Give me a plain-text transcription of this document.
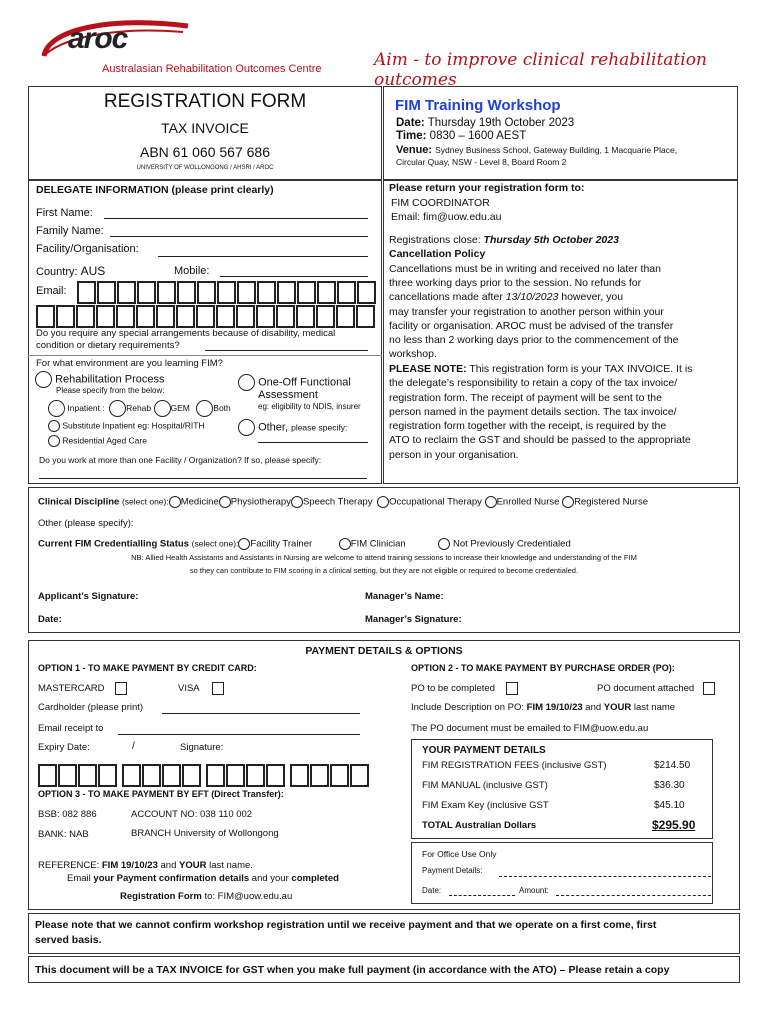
aroc
Australasian Rehabilitation Outcomes Centre	Aim - to improve clinical rehabilitation outcomes
REGISTRATION FORM
TAX INVOICE
ABN 61 060 567 686
UNIVERSITY OF WOLLONGONG / AHSRI / AROC
FIM Training Workshop
Date: Thursday 19th October 2023
Time: 0830 – 1600 AEST
Venue: Sydney Business School, Gateway Building, 1 Macquarie Place,
Circular Quay, NSW - Level 8, Board Room 2
DELEGATE INFORMATION (please print clearly)
First Name:
Family Name:
Facility/Organisation:
Country: AUS	Mobile:
Email:
Do you require any special arrangements because of disability, medical
condition or dietary requirements?
For what environment are you learning FIM?
Rehabilitation Process
Please specify from the below:
Inpatient :	Rehab GEM	Both
Substitute Inpatient eg: Hospital/RITH
Residential Aged Care
One-Off Functional
Assessment
eg: eligibility to NDIS, insurer
Other, please specify:
Do you work at more than one Facility / Organization? If so, please specify:
Please return your registration form to:
FIM COORDINATOR
Email: fim@uow.edu.au
Registrations close: Thursday 5th October 2023
Cancellation Policy
Cancellations must be in writing and received no later than
three working days prior to the session. No refunds for
cancellations made after 13/10/2023 however, you
may transfer your registration to another person within your
facility or organisation. AROC must be advised of the transfer
no less than 2 working days prior to the commencement of the
workshop.
PLEASE NOTE: This registration form is your TAX INVOICE. It is
the delegate’s responsibility to retain a copy of the tax invoice/
registration form. The receipt of payment will be sent to the
person named in the payment details section. The tax invoice/
registration form together with the receipt, is required by the
ATO to reclaim the GST and should be passed to the appropriate
person in your organisation.
Clinical Discipline (select one): Medicine Physiotherapy Speech Therapy Occupational Therapy Enrolled Nurse Registered Nurse
Other (please specify):
Current FIM Credentialling Status (select one): Facility Trainer	FIM Clinician	Not Previously Credentialed
NB: Allied Health Assistants and Assistants in Nursing are welcome to attend training sessions to increase their knowledge and understanding of the FIM
so they can contribute to FIM scoring in a clinical setting, but they are not eligible or required to become credentialed.
Applicant’s Signature:	Manager’s Name:
Date:	Manager’s Signature:
PAYMENT DETAILS & OPTIONS
OPTION 1 - TO MAKE PAYMENT BY CREDIT CARD:
MASTERCARD	VISA
Cardholder (please print)
Email receipt to
Expiry Date:	/	Signature:
OPTION 3 - TO MAKE PAYMENT BY EFT (Direct Transfer):
BSB: 082 886	ACCOUNT NO: 038 110 002
BANK: NAB	BRANCH University of Wollongong
REFERENCE: FIM 19/10/23 and YOUR last name.
Email your Payment confirmation details and your completed
Registration Form to: FIM@uow.edu.au
OPTION 2 - TO MAKE PAYMENT BY PURCHASE ORDER (PO):
PO to be completed	PO document attached
Include Description on PO: FIM 19/10/23 and YOUR last name
The PO document must be emailed to FIM@uow.edu.au
YOUR PAYMENT DETAILS
FIM REGISTRATION FEES (inclusive GST)	$214.50
FIM MANUAL (inclusive GST)	$36.30
FIM Exam Key (inclusive GST	$45.10
TOTAL Australian Dollars	$295.90
For Office Use Only
Payment Details:
Date:	Amount:
Please note that we cannot confirm workshop registration until we receive payment and that we operate on a first come, first
served basis.
This document will be a TAX INVOICE for GST when you make full payment (in accordance with the ATO) – Please retain a copy
